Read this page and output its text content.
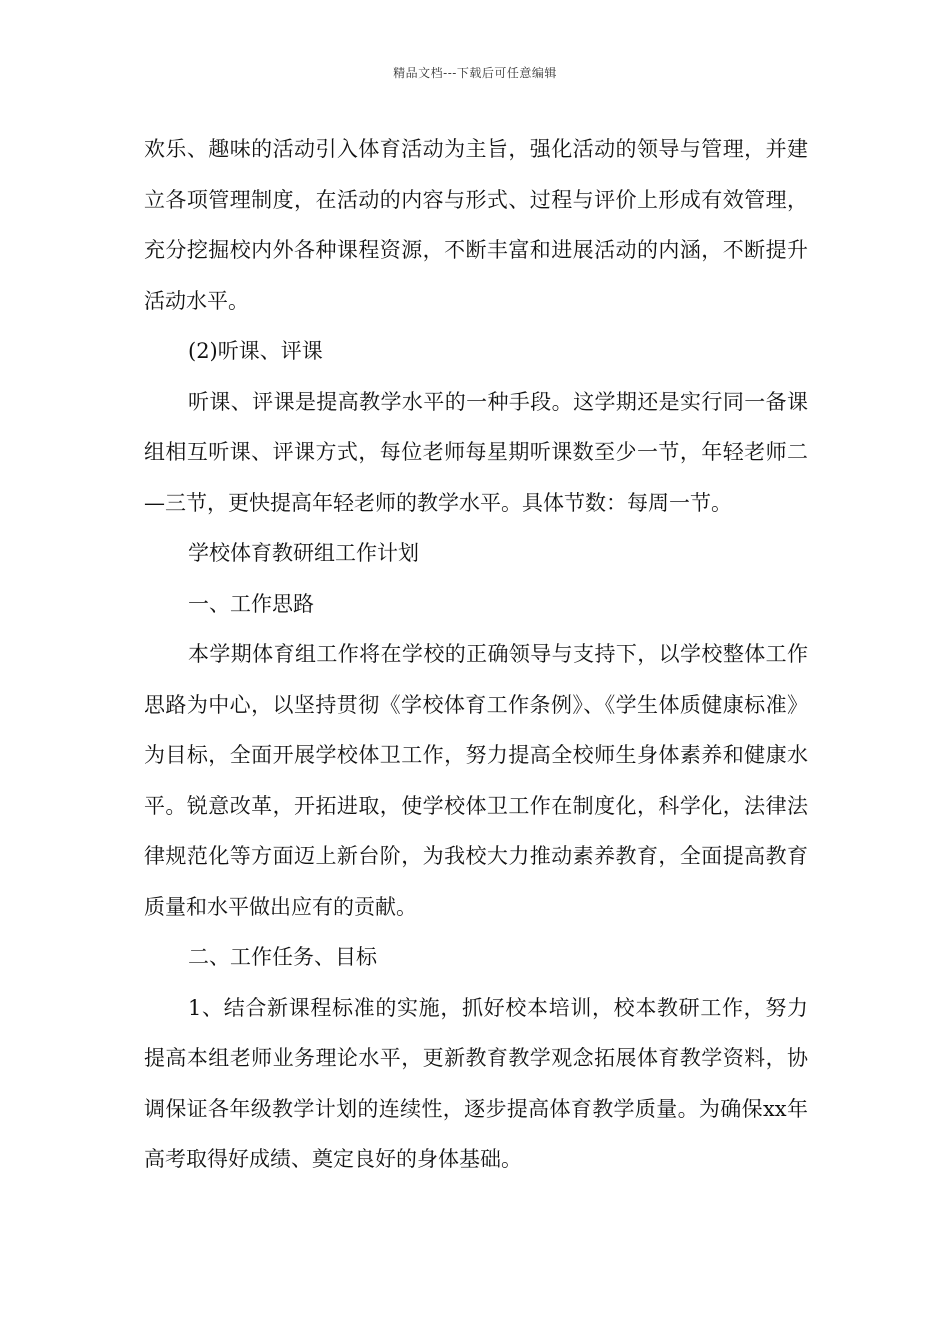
精品文档---下载后可任意编辑

欢乐、趣味的活动引入体育活动为主旨，强化活动的领导与管理，并建立各项管理制度，在活动的内容与形式、过程与评价上形成有效管理，充分挖掘校内外各种课程资源，不断丰富和进展活动的内涵，不断提升活动水平。

(2)听课、评课

听课、评课是提高教学水平的一种手段。这学期还是实行同一备课组相互听课、评课方式，每位老师每星期听课数至少一节，年轻老师二—三节，更快提高年轻老师的教学水平。具体节数：每周一节。

学校体育教研组工作计划

一、工作思路

本学期体育组工作将在学校的正确领导与支持下，以学校整体工作思路为中心，以坚持贯彻《学校体育工作条例》、《学生体质健康标准》为目标，全面开展学校体卫工作，努力提高全校师生身体素养和健康水平。锐意改革，开拓进取，使学校体卫工作在制度化，科学化，法律法律规范化等方面迈上新台阶，为我校大力推动素养教育，全面提高教育质量和水平做出应有的贡献。

二、工作任务、目标

1、结合新课程标准的实施，抓好校本培训，校本教研工作，努力提高本组老师业务理论水平，更新教育教学观念拓展体育教学资料，协调保证各年级教学计划的连续性，逐步提高体育教学质量。为确保xx年高考取得好成绩、奠定良好的身体基础。
